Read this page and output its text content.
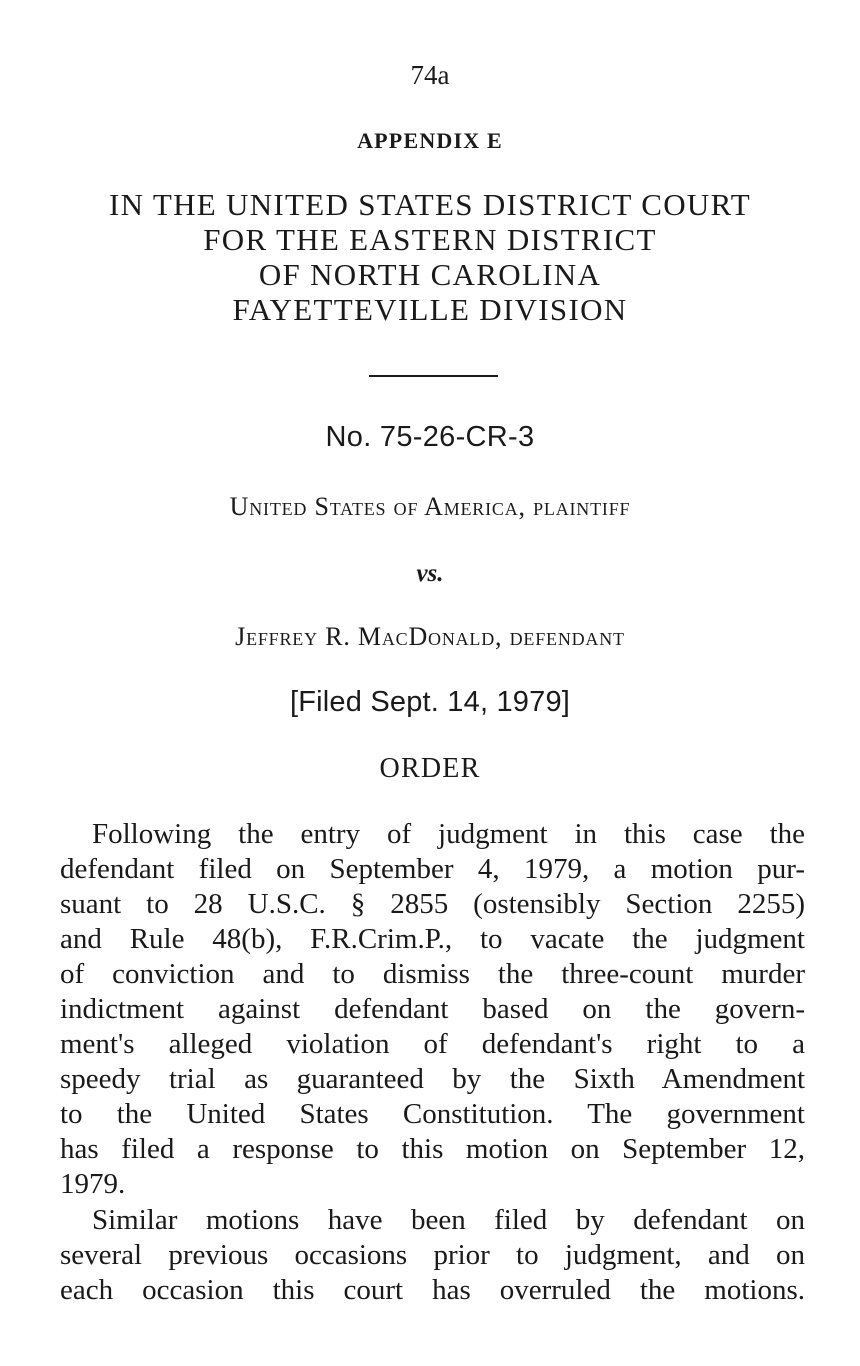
74a
APPENDIX E
IN THE UNITED STATES DISTRICT COURT
FOR THE EASTERN DISTRICT
OF NORTH CAROLINA
FAYETTEVILLE DIVISION
No. 75-26-CR-3
United States of America, plaintiff
vs.
Jeffrey R. MacDonald, defendant
[Filed Sept. 14, 1979]
ORDER
Following the entry of judgment in this case the
defendant filed on September 4, 1979, a motion pur-
suant to 28 U.S.C. § 2855 (ostensibly Section 2255)
and Rule 48(b), F.R.Crim.P., to vacate the judgment
of conviction and to dismiss the three-count murder
indictment against defendant based on the govern-
ment's alleged violation of defendant's right to a
speedy trial as guaranteed by the Sixth Amendment
to the United States Constitution. The government
has filed a response to this motion on September 12,
1979.
Similar motions have been filed by defendant on
several previous occasions prior to judgment, and on
each occasion this court has overruled the motions.
